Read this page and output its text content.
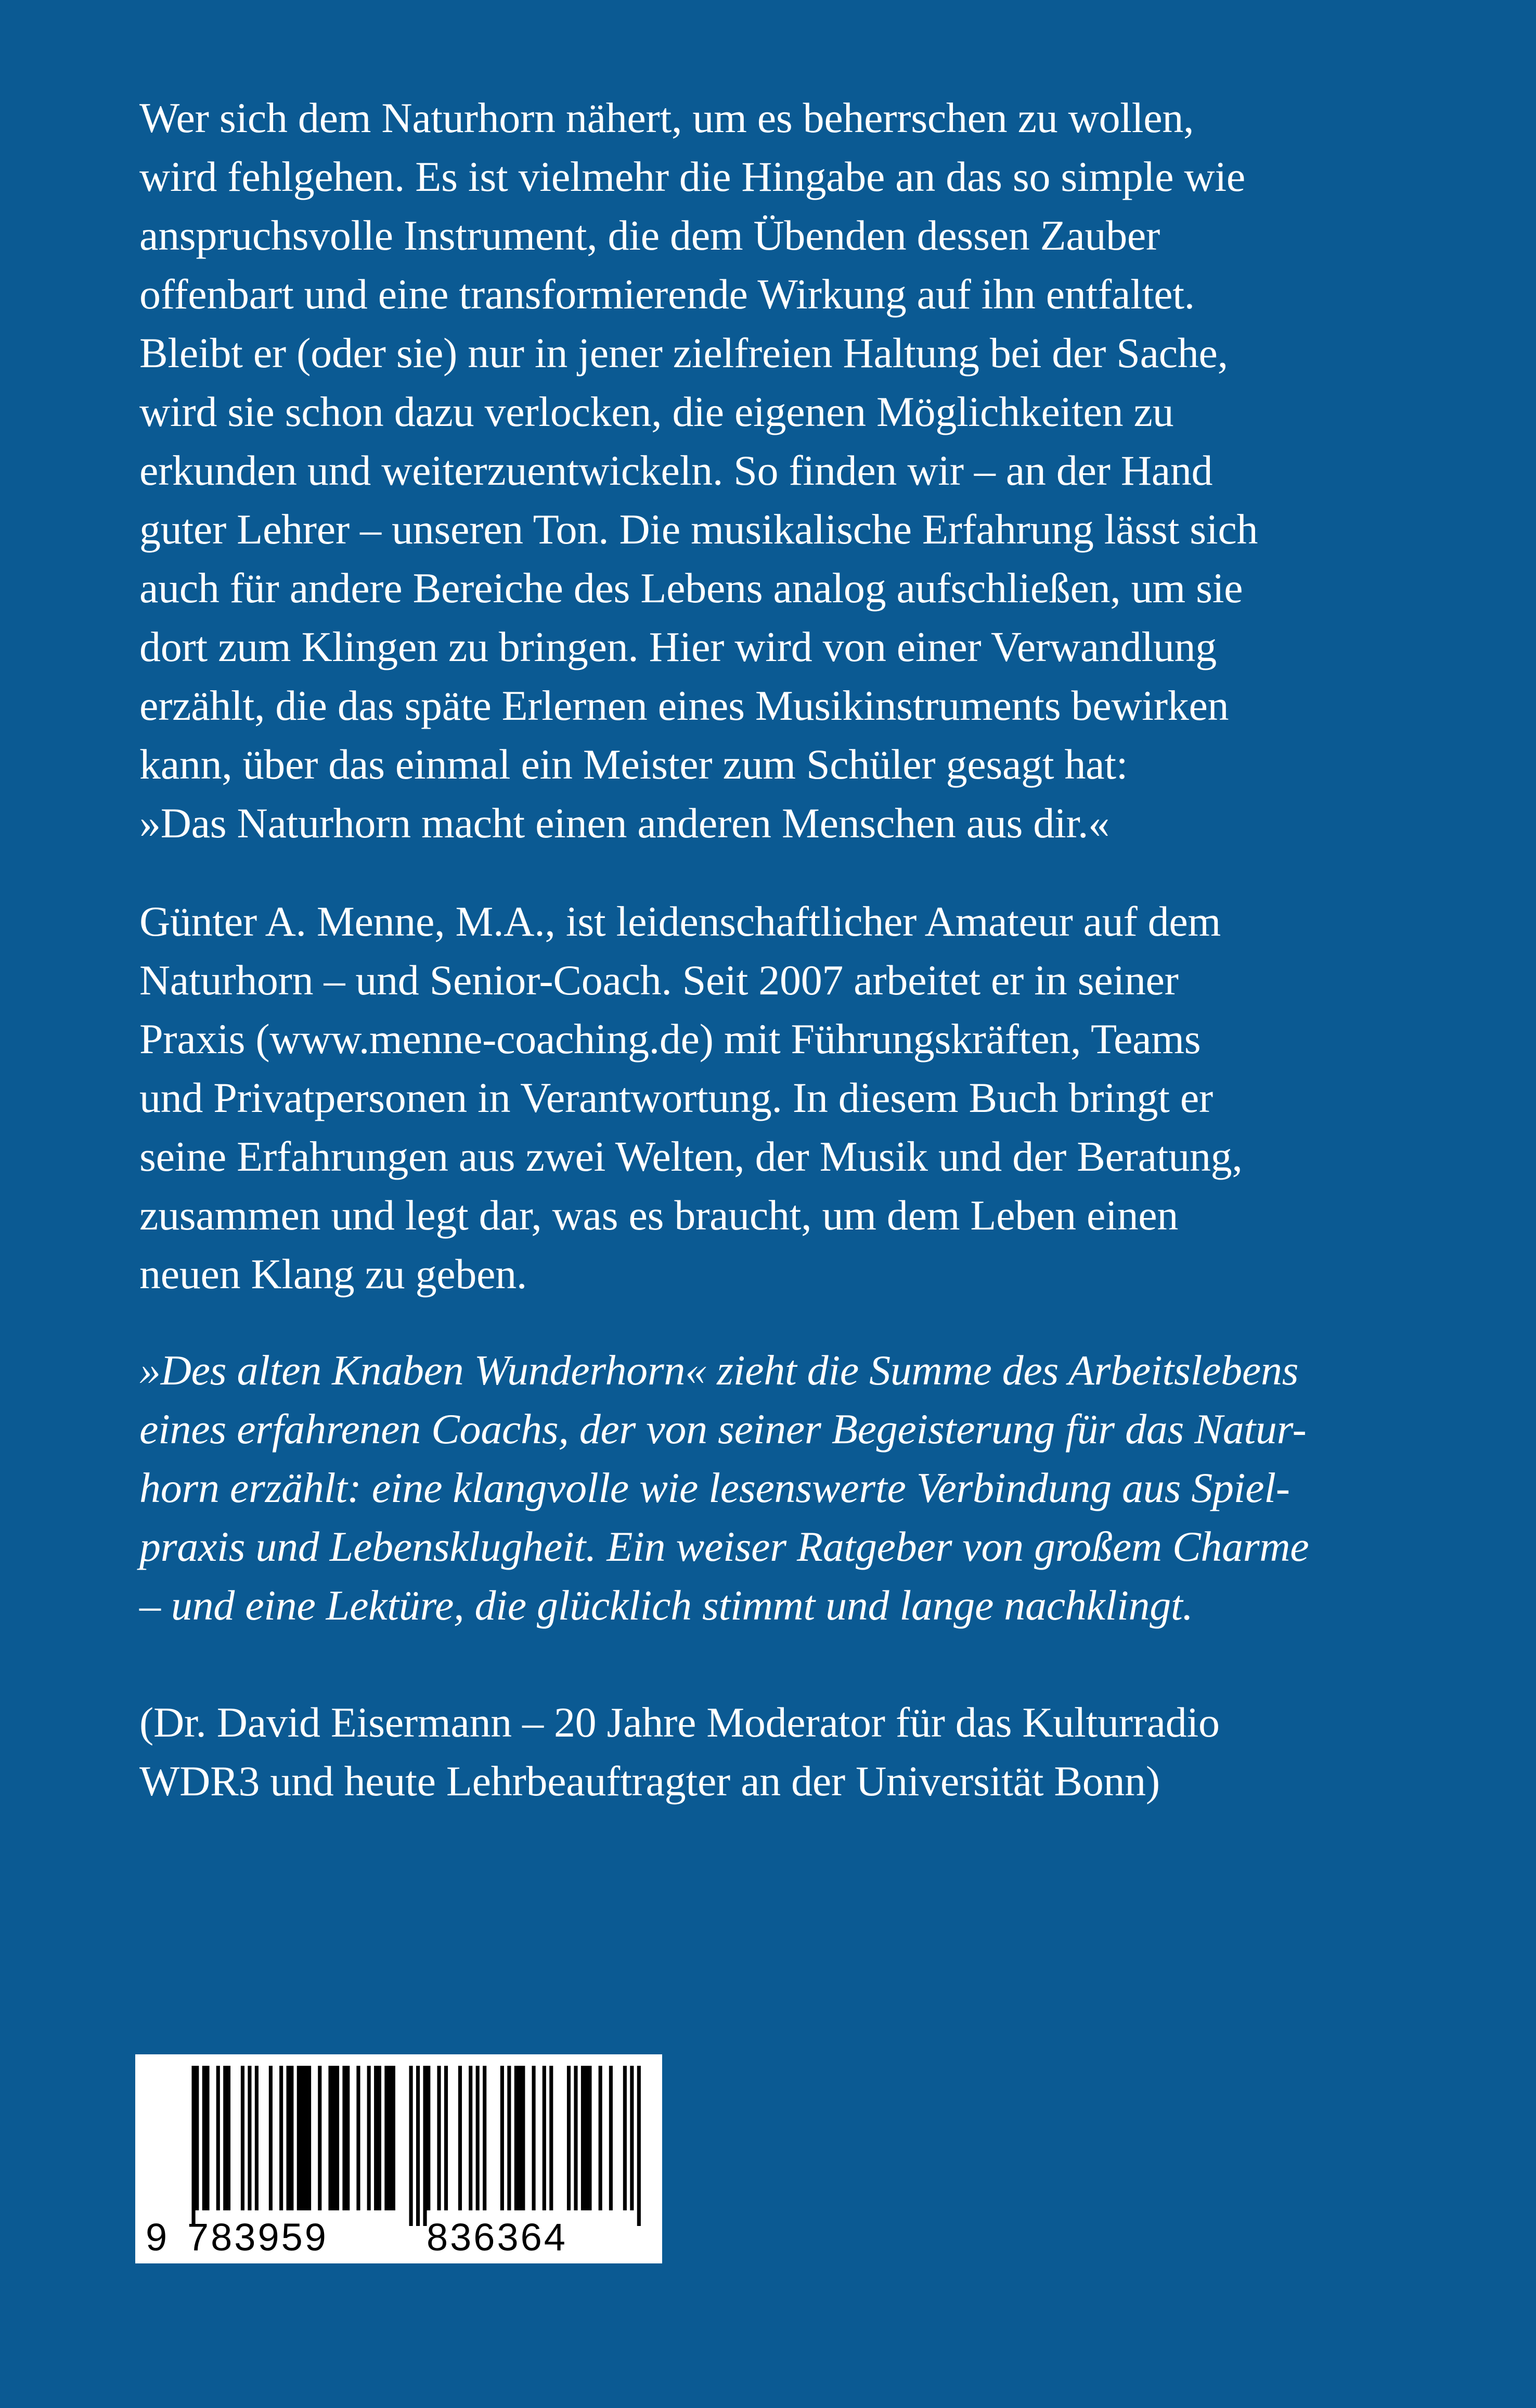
Wer sich dem Naturhorn nähert, um es beherrschen zu wollen,
wird fehlgehen. Es ist vielmehr die Hingabe an das so simple wie
anspruchsvolle Instrument, die dem Übenden dessen Zauber
offenbart und eine transformierende Wirkung auf ihn entfaltet.
Bleibt er (oder sie) nur in jener zielfreien Haltung bei der Sache,
wird sie schon dazu verlocken, die eigenen Möglichkeiten zu
erkunden und weiterzuentwickeln. So finden wir – an der Hand
guter Lehrer – unseren Ton. Die musikalische Erfahrung lässt sich
auch für andere Bereiche des Lebens analog aufschließen, um sie
dort zum Klingen zu bringen. Hier wird von einer Verwandlung
erzählt, die das späte Erlernen eines Musikinstruments bewirken
kann, über das einmal ein Meister zum Schüler gesagt hat:
»Das Naturhorn macht einen anderen Menschen aus dir.«
Günter A. Menne, M.A., ist leidenschaftlicher Amateur auf dem
Naturhorn – und Senior-Coach. Seit 2007 arbeitet er in seiner
Praxis (www.menne-coaching.de) mit Führungskräften, Teams
und Privatpersonen in Verantwortung. In diesem Buch bringt er
seine Erfahrungen aus zwei Welten, der Musik und der Beratung,
zusammen und legt dar, was es braucht, um dem Leben einen
neuen Klang zu geben.
»Des alten Knaben Wunderhorn« zieht die Summe des Arbeitslebens
eines erfahrenen Coachs, der von seiner Begeisterung für das Natur-
horn erzählt: eine klangvolle wie lesenswerte Verbindung aus Spiel-
praxis und Lebensklugheit. Ein weiser Ratgeber von großem Charme
– und eine Lektüre, die glücklich stimmt und lange nachklingt.
(Dr. David Eisermann – 20 Jahre Moderator für das Kulturradio
WDR3 und heute Lehrbeauftragter an der Universität Bonn)
9 783959	836364
